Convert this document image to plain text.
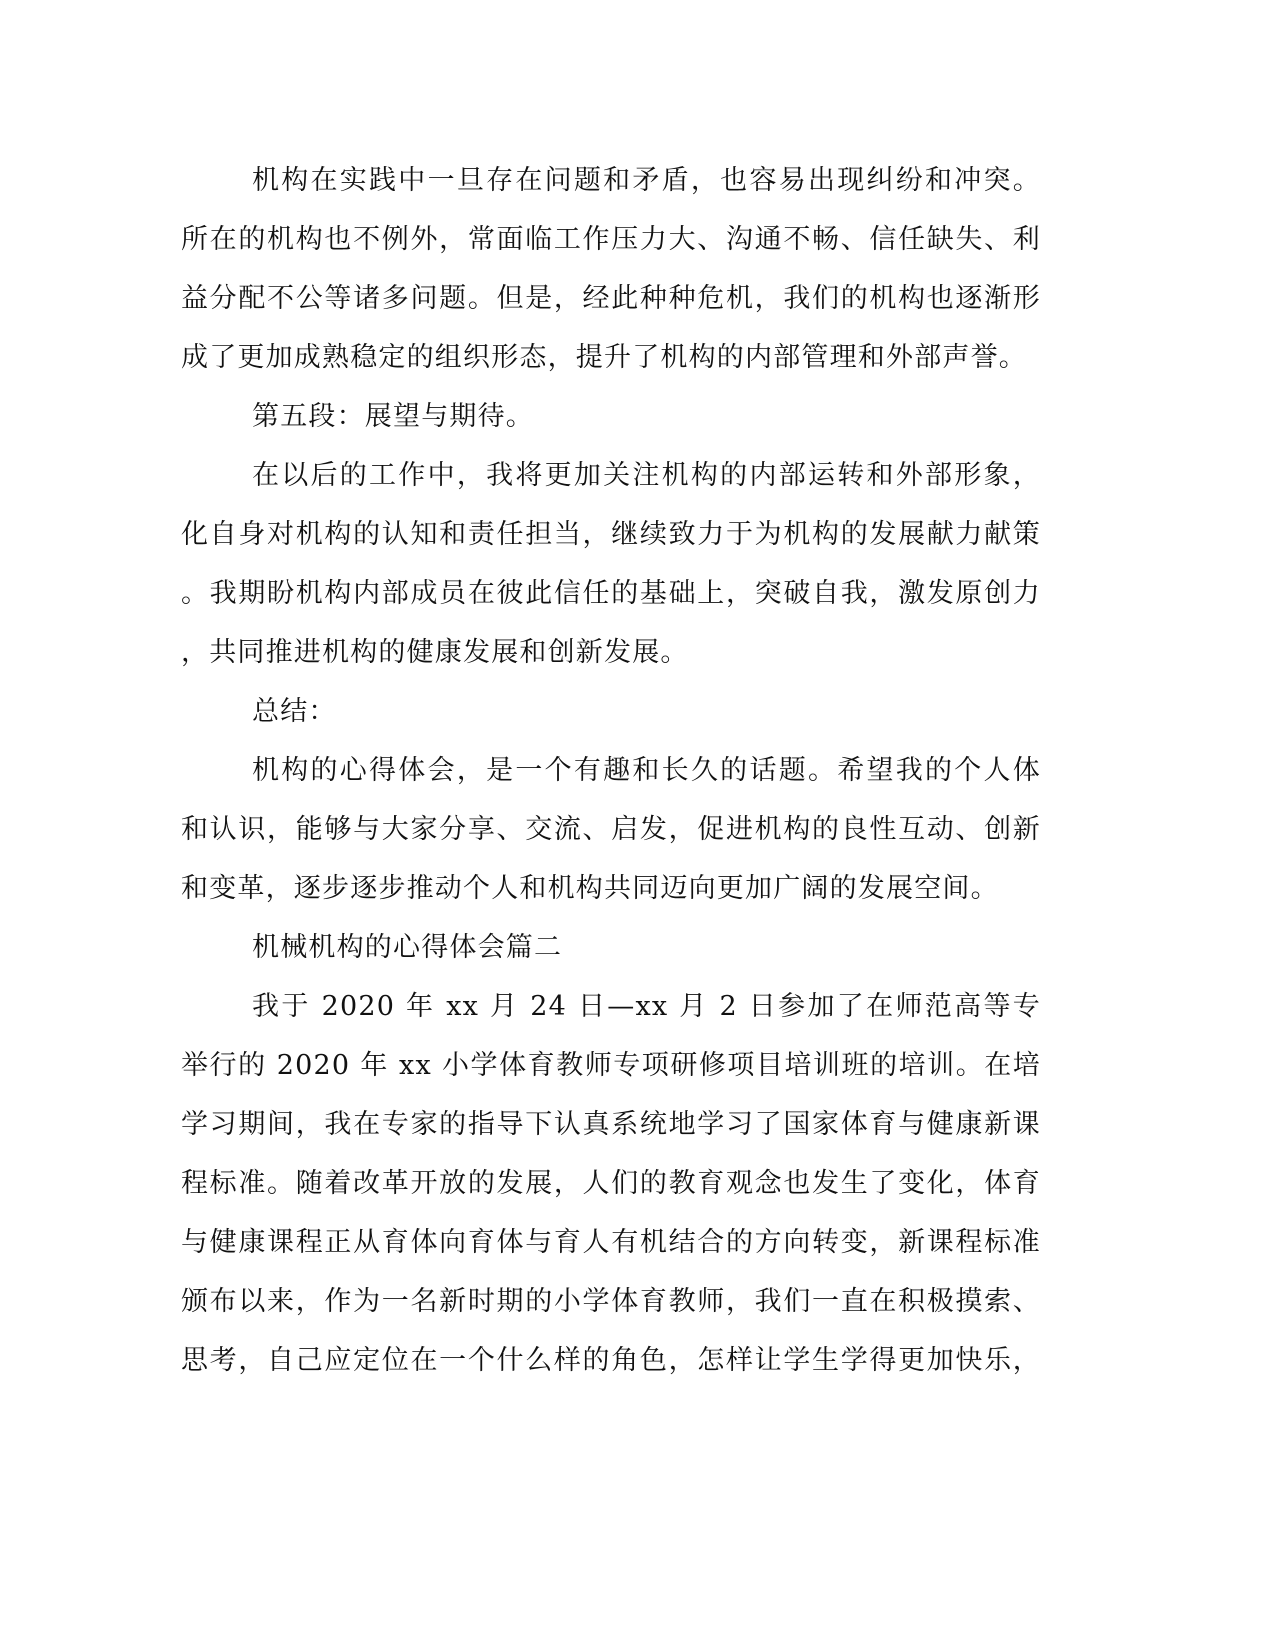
机构在实践中一旦存在问题和矛盾，也容易出现纠纷和冲突。
所在的机构也不例外，常面临工作压力大、沟通不畅、信任缺失、利
益分配不公等诸多问题。但是，经此种种危机，我们的机构也逐渐形
成了更加成熟稳定的组织形态，提升了机构的内部管理和外部声誉。
第五段：展望与期待。
在以后的工作中，我将更加关注机构的内部运转和外部形象，
化自身对机构的认知和责任担当，继续致力于为机构的发展献力献策
。我期盼机构内部成员在彼此信任的基础上，突破自我，激发原创力
，共同推进机构的健康发展和创新发展。
总结：
机构的心得体会，是一个有趣和长久的话题。希望我的个人体
和认识，能够与大家分享、交流、启发，促进机构的良性互动、创新
和变革，逐步逐步推动个人和机构共同迈向更加广阔的发展空间。
机械机构的心得体会篇二
我于 2020 年 xx 月 24 日—xx 月 2 日参加了在师范高等专
举行的 2020 年 xx 小学体育教师专项研修项目培训班的培训。在培
学习期间，我在专家的指导下认真系统地学习了国家体育与健康新课
程标准。随着改革开放的发展，人们的教育观念也发生了变化，体育
与健康课程正从育体向育体与育人有机结合的方向转变，新课程标准
颁布以来，作为一名新时期的小学体育教师，我们一直在积极摸索、
思考，自己应定位在一个什么样的角色，怎样让学生学得更加快乐，
